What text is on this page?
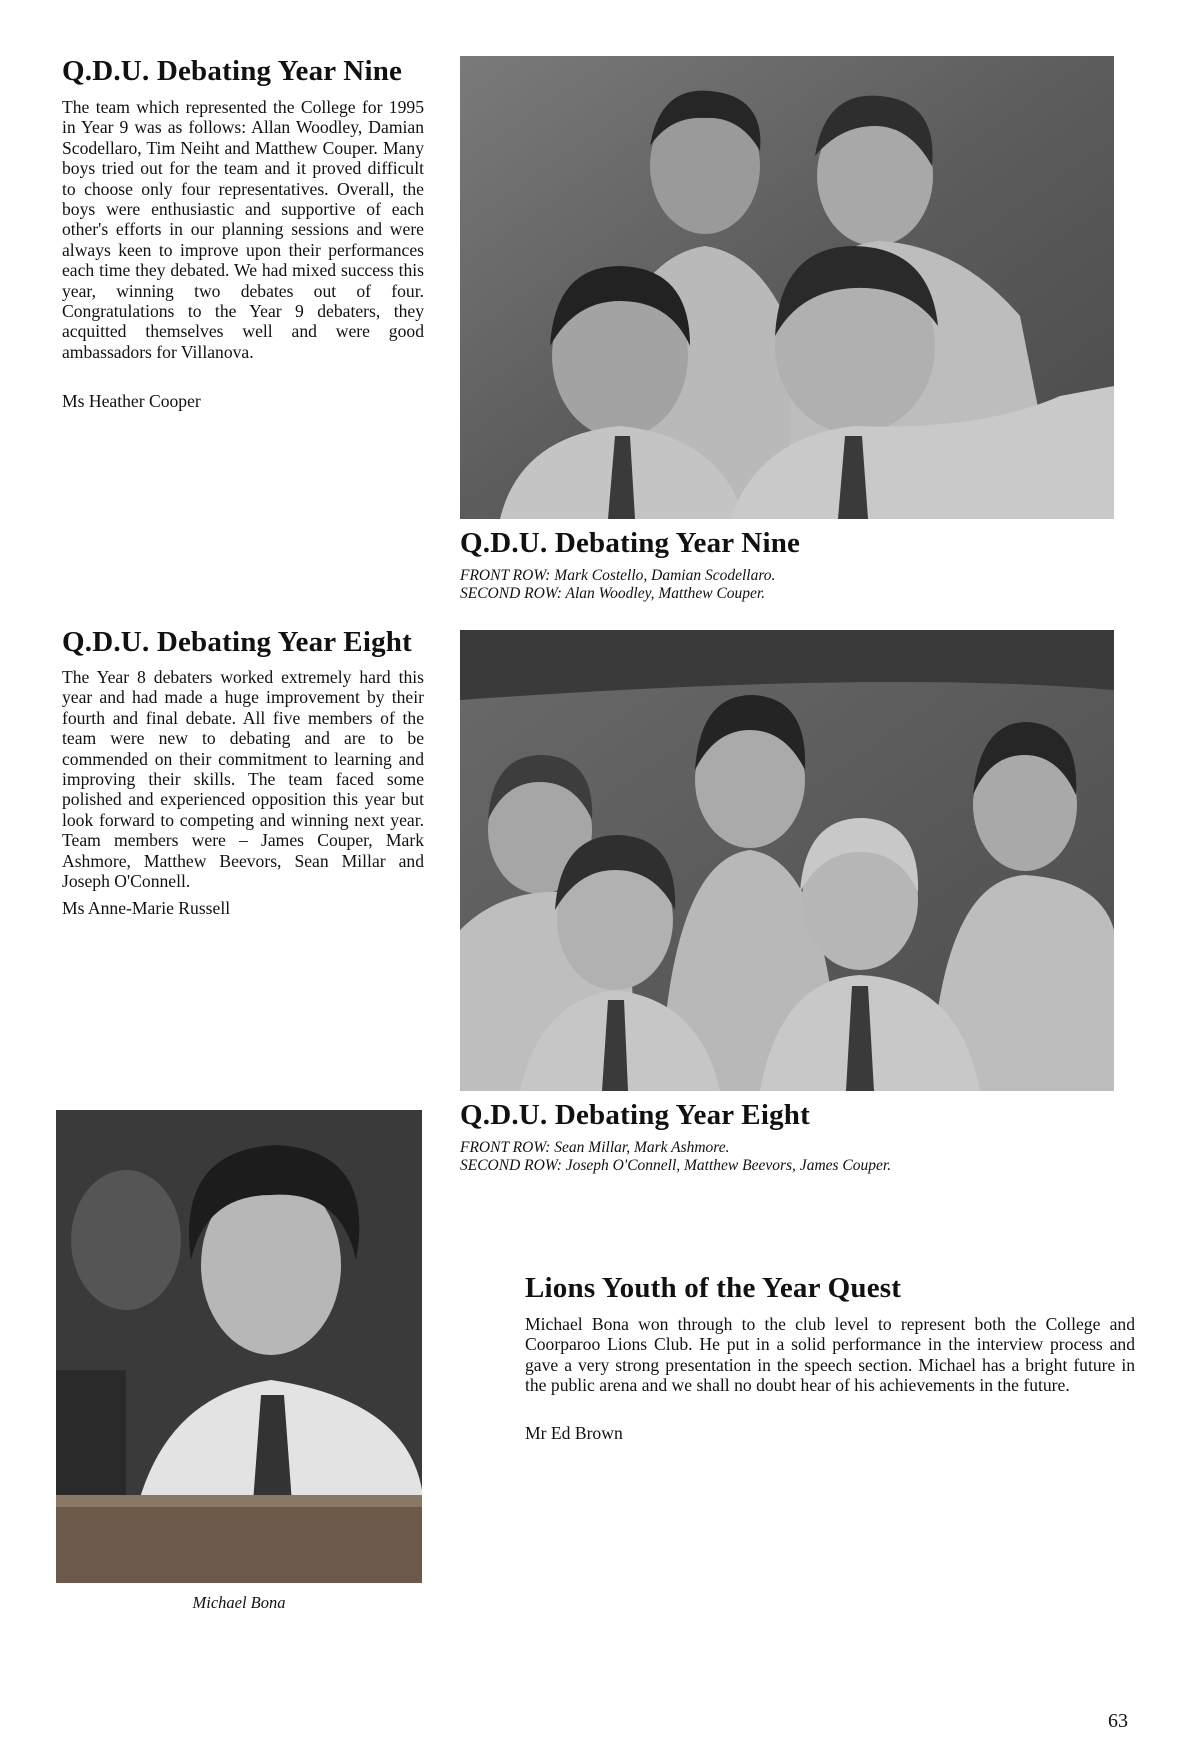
Q.D.U. Debating Year Nine

The team which represented the College for 1995 in Year 9 was as follows: Allan Woodley, Damian Scodellaro, Tim Neiht and Matthew Couper. Many boys tried out for the team and it proved difficult to choose only four representatives. Overall, the boys were enthusiastic and supportive of each other's efforts in our planning sessions and were always keen to improve upon their performances each time they debated. We had mixed success this year, winning two debates out of four. Congratulations to the Year 9 debaters, they acquitted themselves well and were good ambassadors for Villanova.

Ms Heather Cooper
Q.D.U. Debating Year Nine
FRONT ROW: Mark Costello, Damian Scodellaro.
SECOND ROW: Alan Woodley, Matthew Couper.
Q.D.U. Debating Year Eight

The Year 8 debaters worked extremely hard this year and had made a huge improvement by their fourth and final debate. All five members of the team were new to debating and are to be commended on their commitment to learning and improving their skills. The team faced some polished and experienced opposition this year but look forward to competing and winning next year. Team members were – James Couper, Mark Ashmore, Matthew Beevors, Sean Millar and Joseph O'Connell.

Ms Anne-Marie Russell
Q.D.U. Debating Year Eight
FRONT ROW: Sean Millar, Mark Ashmore.
SECOND ROW: Joseph O'Connell, Matthew Beevors, James Couper.
Michael Bona
Lions Youth of the Year Quest

Michael Bona won through to the club level to represent both the College and Coorparoo Lions Club. He put in a solid performance in the interview process and gave a very strong presentation in the speech section. Michael has a bright future in the public arena and we shall no doubt hear of his achievements in the future.

Mr Ed Brown
63
